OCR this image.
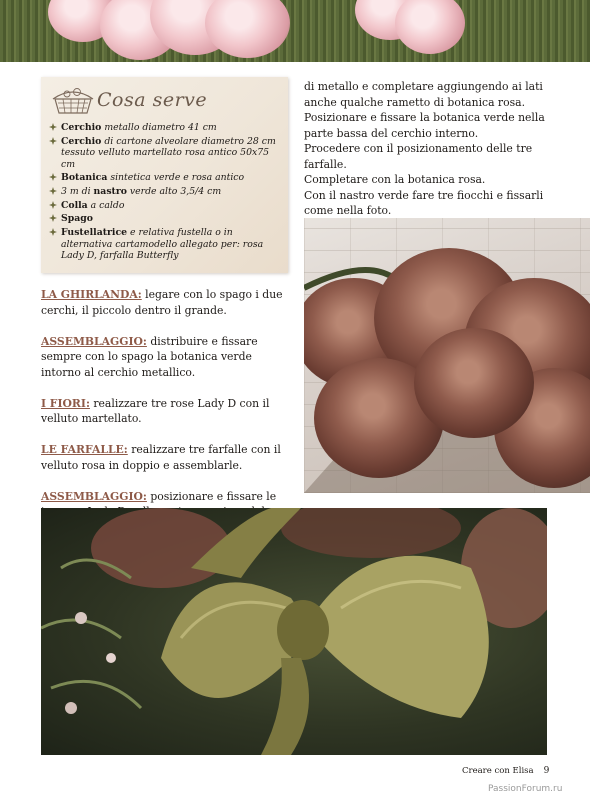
Cosa serve
Cerchio metallo diametro 41 cm
Cerchio di cartone alveolare diametro 28 cm tessuto velluto martellato rosa antico 50x75 cm
Botanica sintetica verde e rosa antico
3 m di nastro verde alto 3,5/4 cm
Colla a caldo
Spago
Fustellatrice e relativa fustella o in alternativa cartamodello allegato per: rosa Lady D, farfalla Butterfly

LA GHIRLANDA: legare con lo spago i due cerchi, il piccolo dentro il grande.

ASSEMBLAGGIO: distribuire e fissare sempre con lo spago la botanica verde intorno al cerchio metallico.

I FIORI: realizzare tre rose Lady D con il velluto martellato.

LE FARFALLE: realizzare tre farfalle con il velluto rosa in doppio e assemblarle.

ASSEMBLAGGIO: posizionare e fissare le

di metallo e completare aggiungendo ai lati
anche qualche rametto di botanica rosa.
Posizionare e fissare la botanica verde nella
parte bassa del cerchio interno.
Procedere con il posizionamento delle tre
farfalle.
Completare con la botanica rosa.
Con il nastro verde fare tre fiocchi e fissarli
come nella foto.
Creare con Elisa 9
PassionForum.ru
